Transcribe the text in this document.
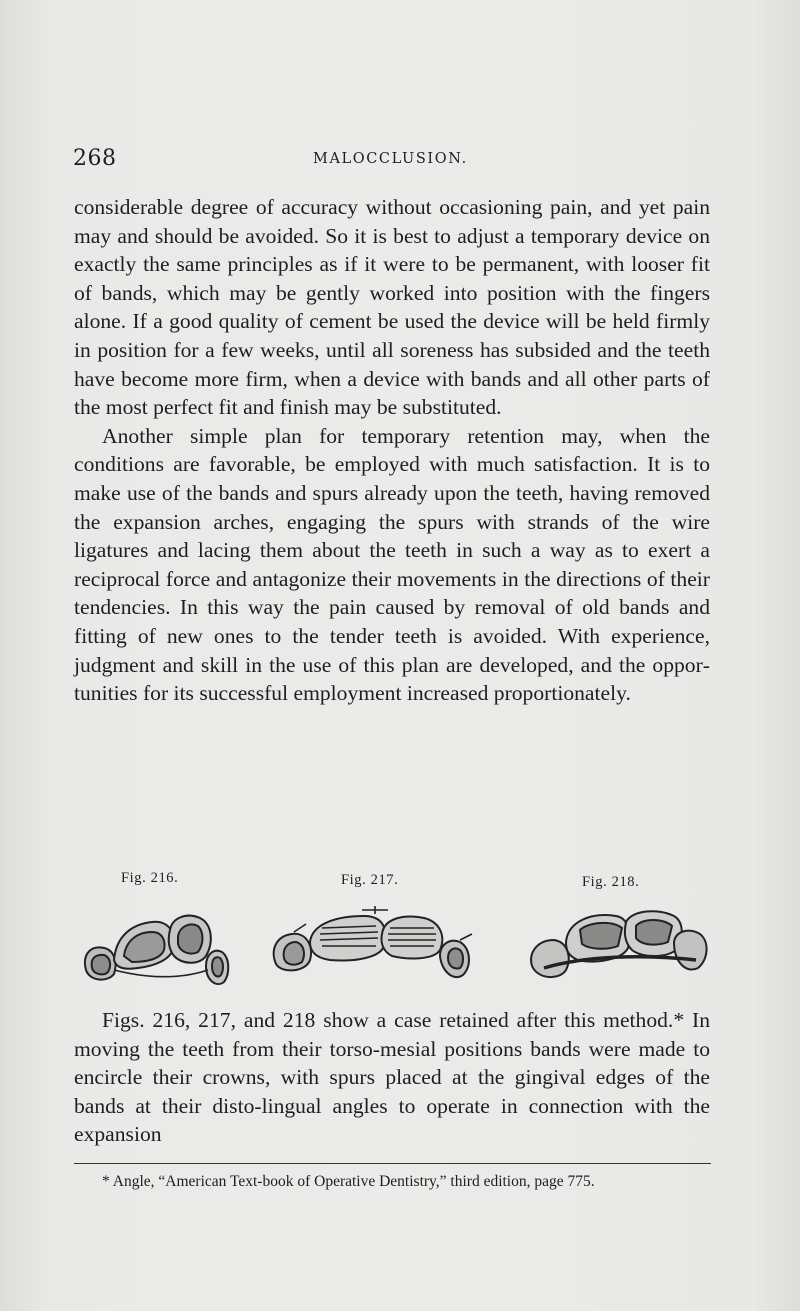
268	MALOCCLUSION.

considerable degree of accuracy without occasioning pain, and yet pain may and should be avoided. So it is best to adjust a temporary device on exactly the same principles as if it were to be permanent, with looser fit of bands, which may be gently worked into position with the fingers alone. If a good quality of cement be used the device will be held firmly in position for a few weeks, until all soreness has subsided and the teeth have become more firm, when a device with bands and all other parts of the most perfect fit and finish may be substituted.

Another simple plan for temporary retention may, when the conditions are favorable, be employed with much satisfaction. It is to make use of the bands and spurs already upon the teeth, having removed the expansion arches, engaging the spurs with strands of the wire ligatures and lacing them about the teeth in such a way as to exert a reciprocal force and antagonize their movements in the directions of their tendencies. In this way the pain caused by removal of old bands and fitting of new ones to the tender teeth is avoided. With experience, judgment and skill in the use of this plan are developed, and the opportunities for its successful employment increased proportionately.

Fig. 216.	Fig. 217.	Fig. 218.

Figs. 216, 217, and 218 show a case retained after this method.* In moving the teeth from their torso-mesial positions bands were made to encircle their crowns, with spurs placed at the gingival edges of the bands at their disto-lingual angles to operate in connection with the expansion

* Angle, “American Text-book of Operative Dentistry,” third edition, page 775.
